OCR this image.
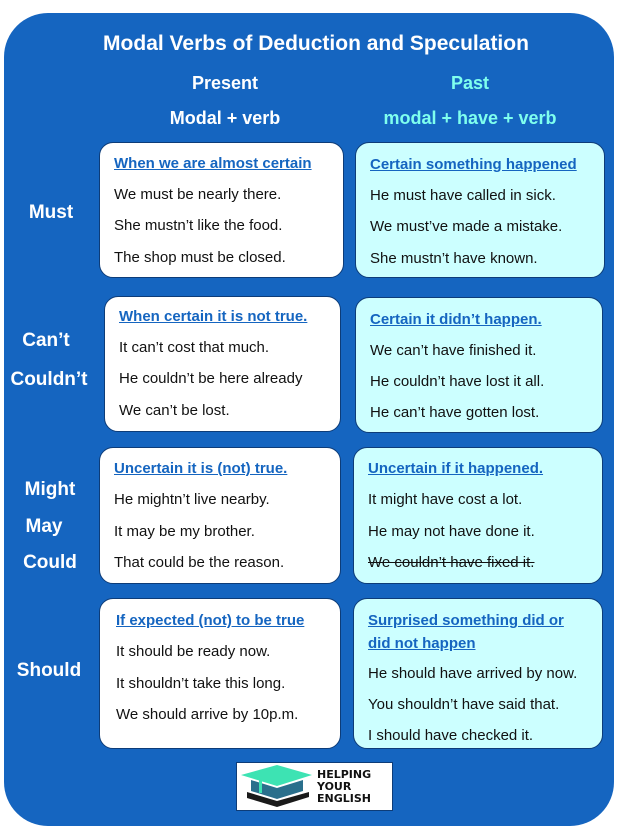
Modal Verbs of Deduction and Speculation
Present	Past
Modal + verb	modal + have + verb
Must
Can’t
Couldn’t
Might
May
Could
Should
When we are almost certain
We must be nearly there.
She mustn’t like the food.
The shop must be closed.
Certain something happened
He must have called in sick.
We must’ve made a mistake.
She mustn’t have known.
When certain it is not true.
It can’t cost that much.
He couldn’t be here already
We can’t be lost.
Certain it didn’t happen.
We can’t have finished it.
He couldn’t have lost it all.
He can’t have gotten lost.
Uncertain it is (not) true.
He mightn’t live nearby.
It may be my brother.
That could be the reason.
Uncertain if it happened.
It might have cost a lot.
He may not have done it.
We couldn’t have fixed it.
If expected (not) to be true
It should be ready now.
It shouldn’t take this long.
We should arrive by 10p.m.
Surprised something did or
did not happen
He should have arrived by now.
You shouldn’t have said that.
I should have checked it.
HELPING
YOUR
ENGLISH
